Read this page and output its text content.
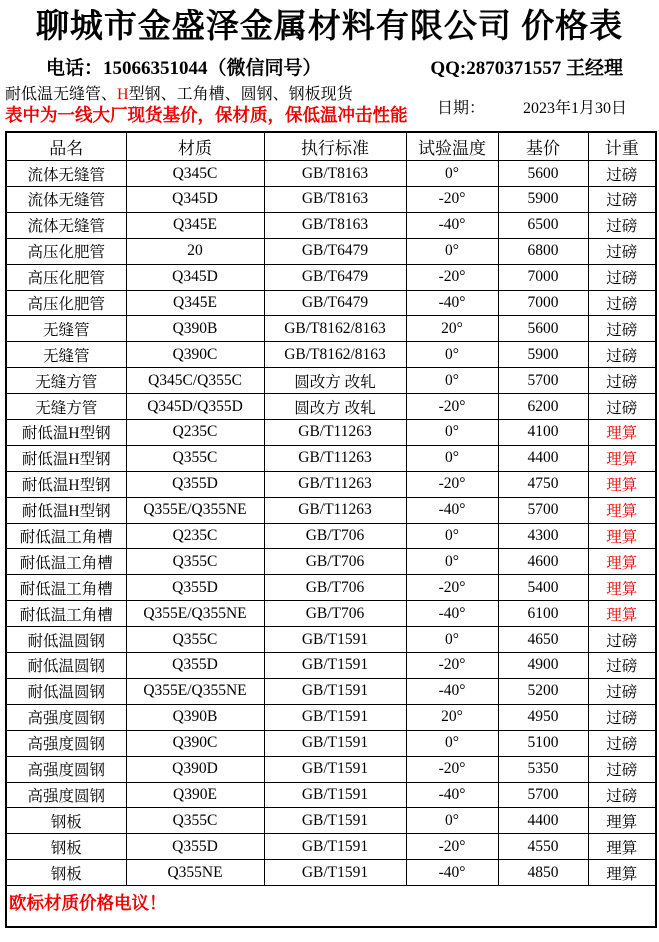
聊城市金盛泽金属材料有限公司 价格表
电话：15066351044（微信同号）	QQ:2870371557 王经理
耐低温无缝管、H型钢、工角槽、圆钢、钢板现货
表中为一线大厂现货基价，保材质，保低温冲击性能 日期： 2023年1月30日
品名	材质	执行标准	试验温度	基价	计重
流体无缝管	Q345C	GB/T8163	0°	5600	过磅
流体无缝管	Q345D	GB/T8163	-20°	5900	过磅
流体无缝管	Q345E	GB/T8163	-40°	6500	过磅
高压化肥管	20	GB/T6479	0°	6800	过磅
高压化肥管	Q345D	GB/T6479	-20°	7000	过磅
高压化肥管	Q345E	GB/T6479	-40°	7000	过磅
无缝管	Q390B	GB/T8162/8163	20°	5600	过磅
无缝管	Q390C	GB/T8162/8163	0°	5900	过磅
无缝方管	Q345C/Q355C	圆改方 改轧	0°	5700	过磅
无缝方管	Q345D/Q355D	圆改方 改轧	-20°	6200	过磅
耐低温H型钢	Q235C	GB/T11263	0°	4100	理算
耐低温H型钢	Q355C	GB/T11263	0°	4400	理算
耐低温H型钢	Q355D	GB/T11263	-20°	4750	理算
耐低温H型钢	Q355E/Q355NE	GB/T11263	-40°	5700	理算
耐低温工角槽	Q235C	GB/T706	0°	4300	理算
耐低温工角槽	Q355C	GB/T706	0°	4600	理算
耐低温工角槽	Q355D	GB/T706	-20°	5400	理算
耐低温工角槽	Q355E/Q355NE	GB/T706	-40°	6100	理算
耐低温圆钢	Q355C	GB/T1591	0°	4650	过磅
耐低温圆钢	Q355D	GB/T1591	-20°	4900	过磅
耐低温圆钢	Q355E/Q355NE	GB/T1591	-40°	5200	过磅
高强度圆钢	Q390B	GB/T1591	20°	4950	过磅
高强度圆钢	Q390C	GB/T1591	0°	5100	过磅
高强度圆钢	Q390D	GB/T1591	-20°	5350	过磅
高强度圆钢	Q390E	GB/T1591	-40°	5700	过磅
钢板	Q355C	GB/T1591	0°	4400	理算
钢板	Q355D	GB/T1591	-20°	4550	理算
钢板	Q355NE	GB/T1591	-40°	4850	理算
欧标材质价格电议！					
